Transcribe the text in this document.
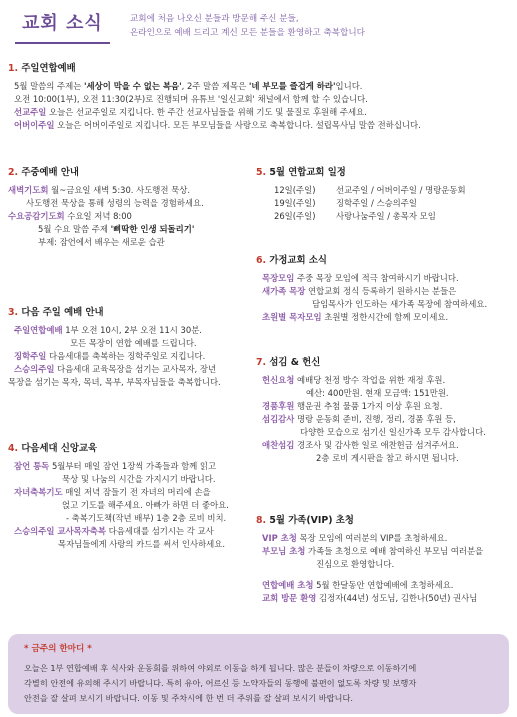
교회 소식	교회에 처음 나오신 분들과 방문해 주신 분들,
온라인으로 예배 드리고 계신 모든 분들을 환영하고 축복합니다
1. 주일연합예배
5월 말씀의 주제는 '세상이 막을 수 없는 복음', 2주 말씀 제목은 '네 부모를 즐겁게 하라'입니다.
오전 10:00(1부), 오전 11:30(2부)로 진행되며 유튜브 '일신교회' 채널에서 함께 할 수 있습니다.
선교주일 오늘은 선교주일로 지킵니다. 한 주간 선교사님들을 위해 기도 및 물질로 후원해 주세요.
어버이주일 오늘은 어버이주일로 지킵니다. 모든 부모님들을 사랑으로 축복합니다. 설립목사님 말씀 전하십니다.
2. 주중예배 안내
새벽기도회 월~금요일 새벽 5:30. 사도행전 묵상.
사도행전 묵상을 통해 성령의 능력을 경험하세요.
수요공감기도회 수요일 저녁 8:00
5월 수요 말씀 주제 '삐딱한 인생 되돌리기'
부제: 잠언에서 배우는 새로운 습관
3. 다음 주일 예배 안내
주일연합예배 1부 오전 10시, 2부 오전 11시 30분.
모든 목장이 연합 예배를 드립니다.
징학주일 다음세대를 축복하는 징학주일로 지킵니다.
스승의주일 다음세대 교육목장을 섬기는 교사목자, 장년
목장을 섬기는 목자, 목녀, 목부, 부목자님들을 축복합니다.
4. 다음세대 신앙교육
잠언 통독 5월부터 매일 잠언 1장씩 가족들과 함께 읽고
묵상 및 나눔의 시간을 가지시기 바랍니다.
자녀축복기도 매일 저녁 잠들기 전 자녀의 머리에 손을
얹고 기도를 해주세요. 아빠가 하면 더 좋아요.
- 축복기도책(작년 배부) 1층 2층 로비 비치.
스승의주일 교사목자축복 다음세대를 섬기시는 각 교사
목자님들에게 사랑의 카드를 써서 인사하세요.
5. 5월 연합교회 일정
12일(주일) 선교주일 / 어버이주일 / 명랑운동회
19일(주일) 징학주일 / 스승의주일
26일(주일) 사랑나눔주일 / 총목자 모임
6. 가정교회 소식
목장모임 주중 목장 모임에 적극 참여하시기 바랍니다.
새가족 목장 연합교회 정식 등록하기 원하시는 분들은
담임목사가 인도하는 새가족 목장에 참여하세요.
초원별 목자모임 초원별 정한시간에 함께 모이세요.
7. 섬김 & 헌신
헌신요청 예배당 천정 방수 작업을 위한 재정 후원.
예산: 400만원. 현재 모금액: 151만원.
경품후원 행운권 추첨 물품 1가지 이상 후원 요청.
섬김감사 명랑 운동회 준비, 진행, 정리, 경품 후원 등,
다양한 모습으로 섬기신 일신가족 모두 감사합니다.
애찬섬김 경조사 및 감사한 일로 애찬헌금 섬겨주셔요.
2층 로비 게시판을 참고 하시면 됩니다.
8. 5월 가족(VIP) 초청
VIP 초청 목장 모임에 여러분의 VIP를 초청하세요.
부모님 초청 가족들 초청으로 예배 참여하신 부모님 여러분을
진심으로 환영합니다.
연합예배 초청 5월 한달동안 연합예배에 초청하세요.
교회 방문 환영 김정자(44년) 성도님, 김한나(50년) 권사님
* 금주의 한마디 *
오늘은 1부 연합예배 후 식사와 운동회를 위하여 야외로 이동을 하게 됩니다. 많은 분들이 차량으로 이동하기에
각별히 안전에 유의해 주시기 바랍니다. 특히 유아, 어르신 등 노약자들의 동행에 불편이 없도록 차량 및 보행자
안전을 잘 살펴 보시기 바랍니다. 이동 및 주차시에 한 번 더 주위를 잘 살펴 보시기 바랍니다.
